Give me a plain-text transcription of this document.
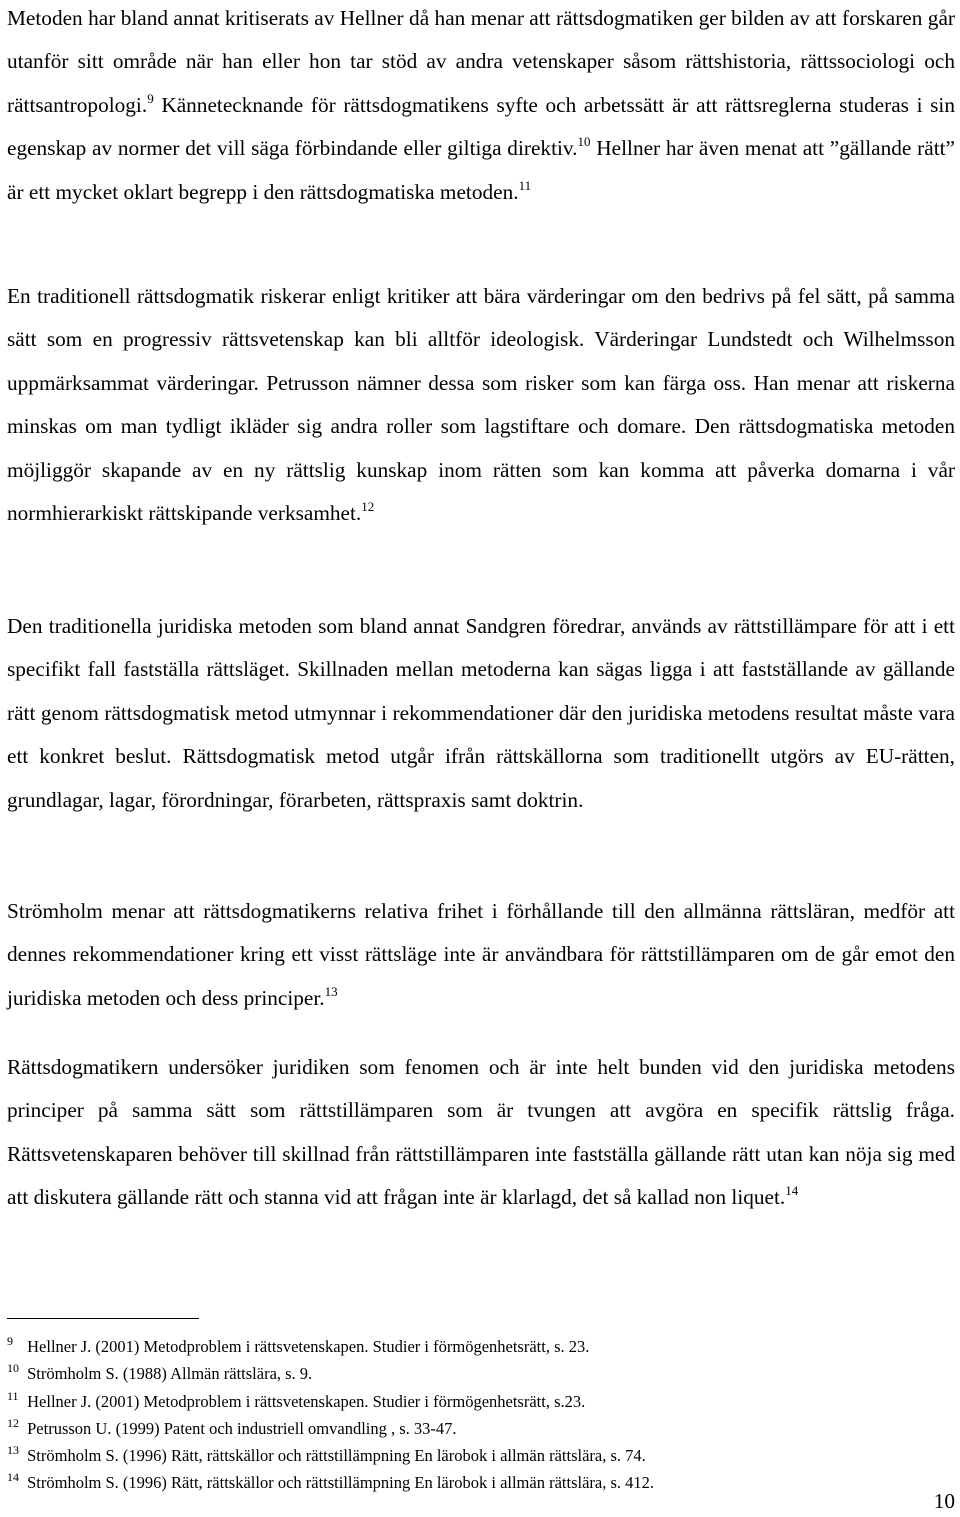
Metoden har bland annat kritiserats av Hellner då han menar att rättsdogmatiken ger bilden av att forskaren går utanför sitt område när han eller hon tar stöd av andra vetenskaper såsom rättshistoria, rättssociologi och rättsantropologi.$^9$ Kännetecknande för rättsdogmatikens syfte och arbetssätt är att rättsreglerna studeras i sin egenskap av normer det vill säga förbindande eller giltiga direktiv.$^{10}$ Hellner har även menat att ”gällande rätt” är ett mycket oklart begrepp i den rättsdogmatiska metoden.$^{11}$

En traditionell rättsdogmatik riskerar enligt kritiker att bära värderingar om den bedrivs på fel sätt, på samma sätt som en progressiv rättsvetenskap kan bli alltför ideologisk. Värderingar Lundstedt och Wilhelmsson uppmärksammat värderingar. Petrusson nämner dessa som risker som kan färga oss. Han menar att riskerna minskas om man tydligt ikläder sig andra roller som lagstiftare och domare. Den rättsdogmatiska metoden möjliggör skapande av en ny rättslig kunskap inom rätten som kan komma att påverka domarna i vår normhierarkiskt rättskipande verksamhet.$^{12}$

Den traditionella juridiska metoden som bland annat Sandgren föredrar, används av rättstillämpare för att i ett specifikt fall fastställa rättsläget. Skillnaden mellan metoderna kan sägas ligga i att fastställande av gällande rätt genom rättsdogmatisk metod utmynnar i rekommendationer där den juridiska metodens resultat måste vara ett konkret beslut. Rättsdogmatisk metod utgår ifrån rättskällorna som traditionellt utgörs av EU-rätten, grundlagar, lagar, förordningar, förarbeten, rättspraxis samt doktrin.

Strömholm menar att rättsdogmatikerns relativa frihet i förhållande till den allmänna rättsläran, medför att dennes rekommendationer kring ett visst rättsläge inte är användbara för rättstillämparen om de går emot den juridiska metoden och dess principer.$^{13}$

Rättsdogmatikern undersöker juridiken som fenomen och är inte helt bunden vid den juridiska metodens principer på samma sätt som rättstillämparen som är tvungen att avgöra en specifik rättslig fråga. Rättsvetenskaparen behöver till skillnad från rättstillämparen inte fastställa gällande rätt utan kan nöja sig med att diskutera gällande rätt och stanna vid att frågan inte är klarlagd, det så kallad non liquet.$^{14}$

9 Hellner J. (2001) Metodproblem i rättsvetenskapen. Studier i förmögenhetsrätt, s. 23.
10 Strömholm S. (1988) Allmän rättslära, s. 9.
11 Hellner J. (2001) Metodproblem i rättsvetenskapen. Studier i förmögenhetsrätt, s.23.
12 Petrusson U. (1999) Patent och industriell omvandling , s. 33-47.
13 Strömholm S. (1996) Rätt, rättskällor och rättstillämpning En lärobok i allmän rättslära, s. 74.
14 Strömholm S. (1996) Rätt, rättskällor och rättstillämpning En lärobok i allmän rättslära, s. 412.
10
